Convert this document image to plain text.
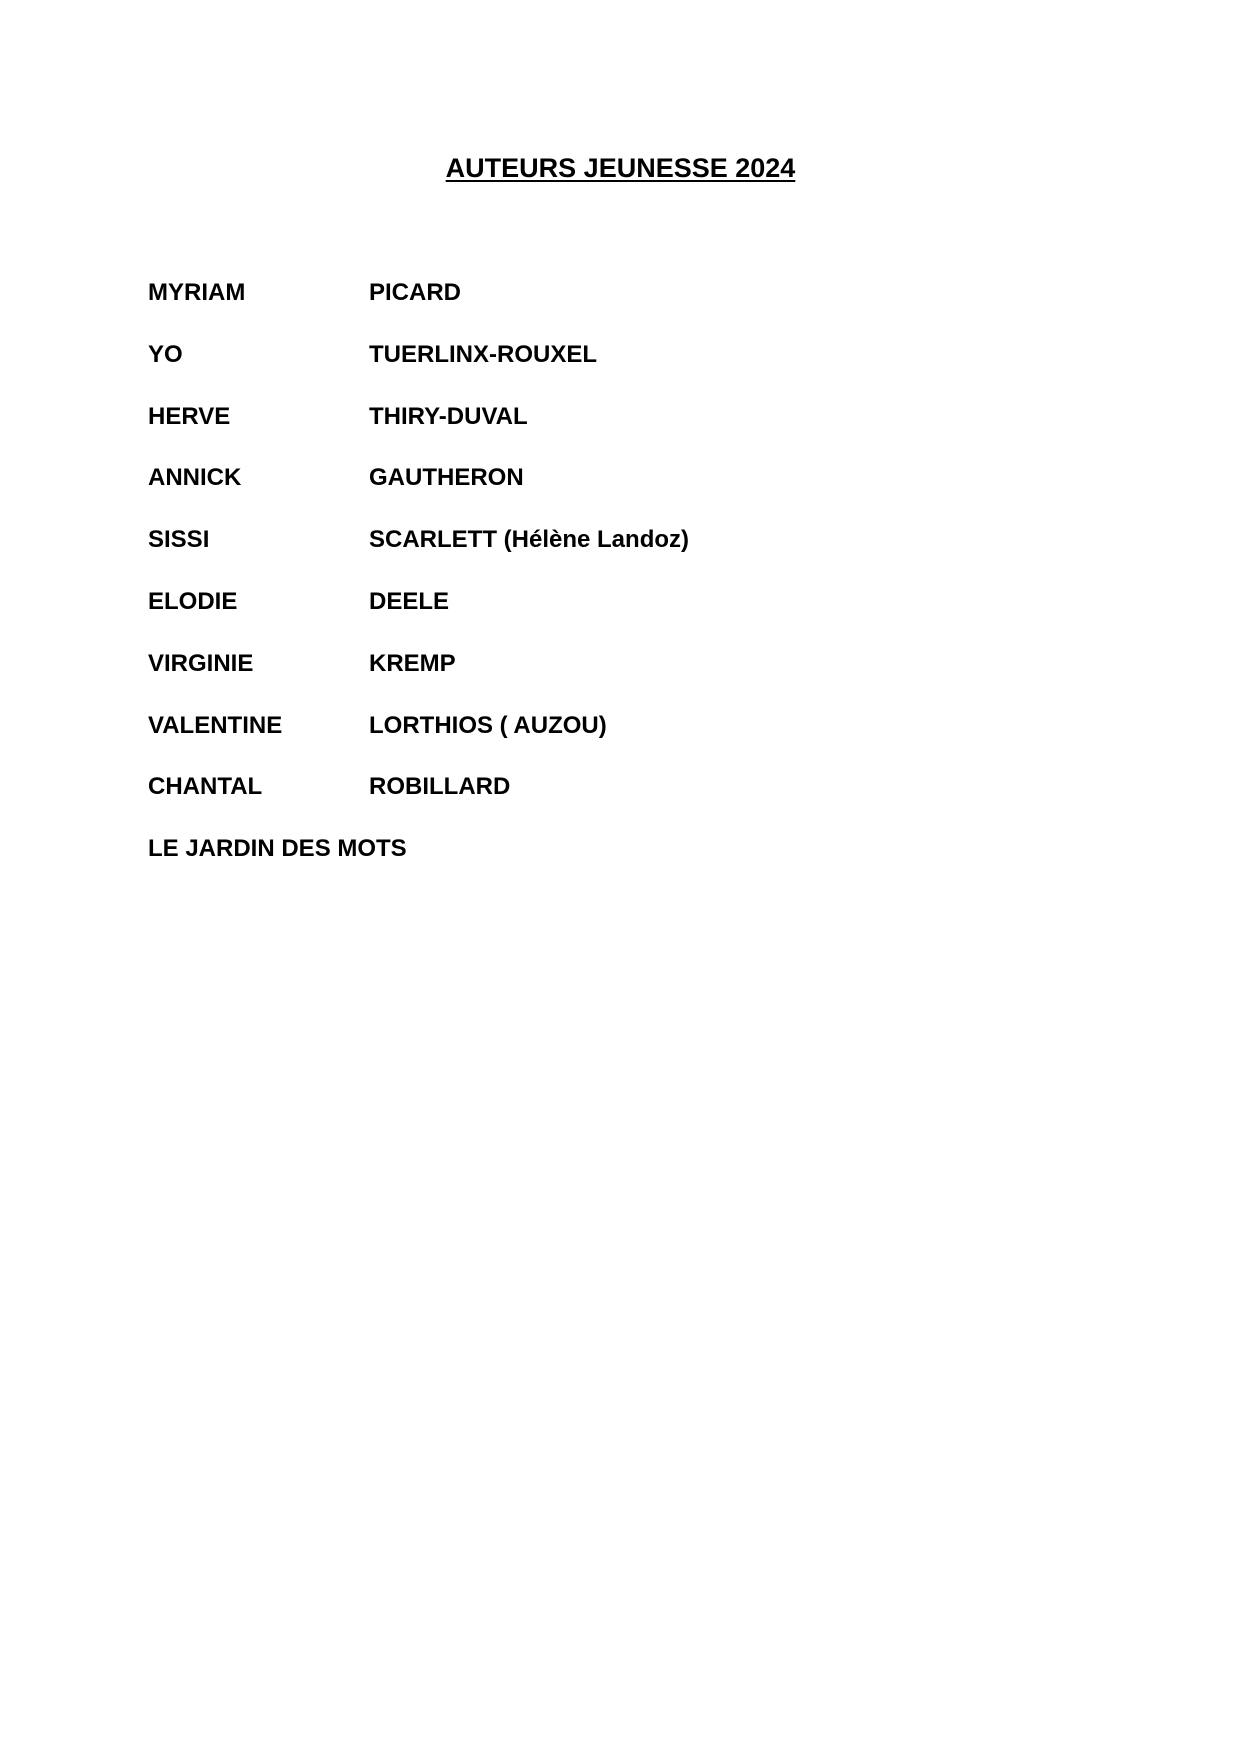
AUTEURS JEUNESSE 2024
MYRIAM	PICARD
YO	TUERLINX-ROUXEL
HERVE	THIRY-DUVAL
ANNICK	GAUTHERON
SISSI	SCARLETT (Hélène Landoz)
ELODIE	DEELE
VIRGINIE	KREMP
VALENTINE	LORTHIOS ( AUZOU)
CHANTAL	ROBILLARD
LE JARDIN DES MOTS
